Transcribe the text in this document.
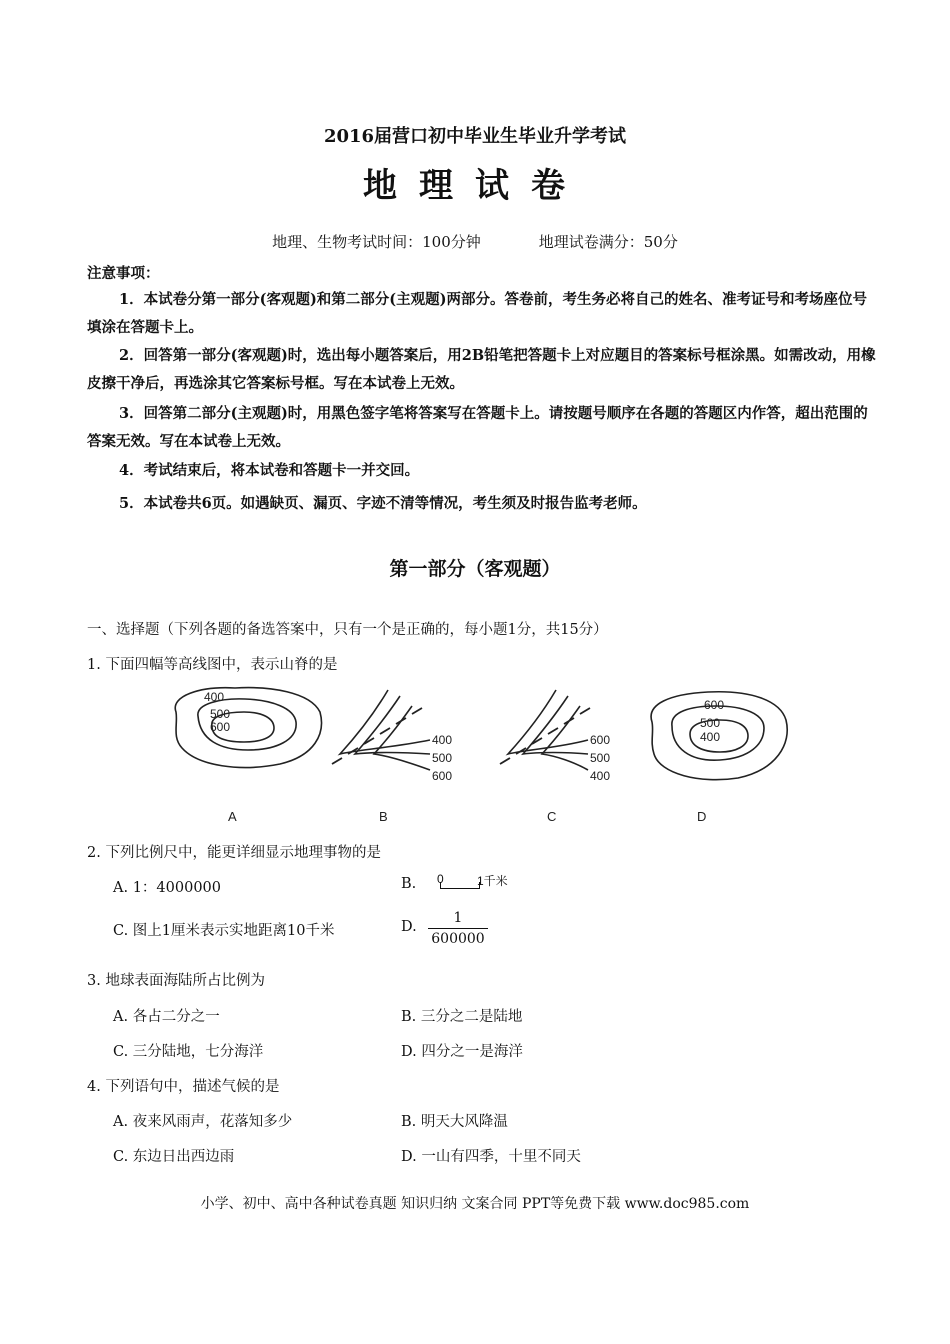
2016届营口初中毕业生毕业升学考试
地理试卷
地理、生物考试时间：100分钟	地理试卷满分：50分
注意事项：
1．本试卷分第一部分(客观题)和第二部分(主观题)两部分。答卷前，考生务必将自己的姓名、准考证号和考场座位号填涂在答题卡上。
2．回答第一部分(客观题)时，选出每小题答案后，用2B铅笔把答题卡上对应题目的答案标号框涂黑。如需改动，用橡皮擦干净后，再选涂其它答案标号框。写在本试卷上无效。
3．回答第二部分(主观题)时，用黑色签字笔将答案写在答题卡上。请按题号顺序在各题的答题区内作答，超出范围的答案无效。写在本试卷上无效。
4．考试结束后，将本试卷和答题卡一并交回。
5．本试卷共6页。如遇缺页、漏页、字迹不清等情况，考生须及时报告监考老师。
第一部分（客观题）
一、选择题（下列各题的备选答案中，只有一个是正确的，每小题1分，共15分）
1. 下面四幅等高线图中，表示山脊的是
400
500
600
A
400
500
600
B
600
500
400
C
600
500
400
D
2. 下列比例尺中，能更详细显示地理事物的是
A. 1：4000000	B. 0	1千米
C. 图上1厘米表示实地距离10千米	D.
1
600000
3. 地球表面海陆所占比例为
A. 各占二分之一	B. 三分之二是陆地
C. 三分陆地，七分海洋	D. 四分之一是海洋
4. 下列语句中，描述气候的是
A. 夜来风雨声，花落知多少	B. 明天大风降温
C. 东边日出西边雨	D. 一山有四季，十里不同天
小学、初中、高中各种试卷真题 知识归纳 文案合同 PPT等免费下载 www.doc985.com
